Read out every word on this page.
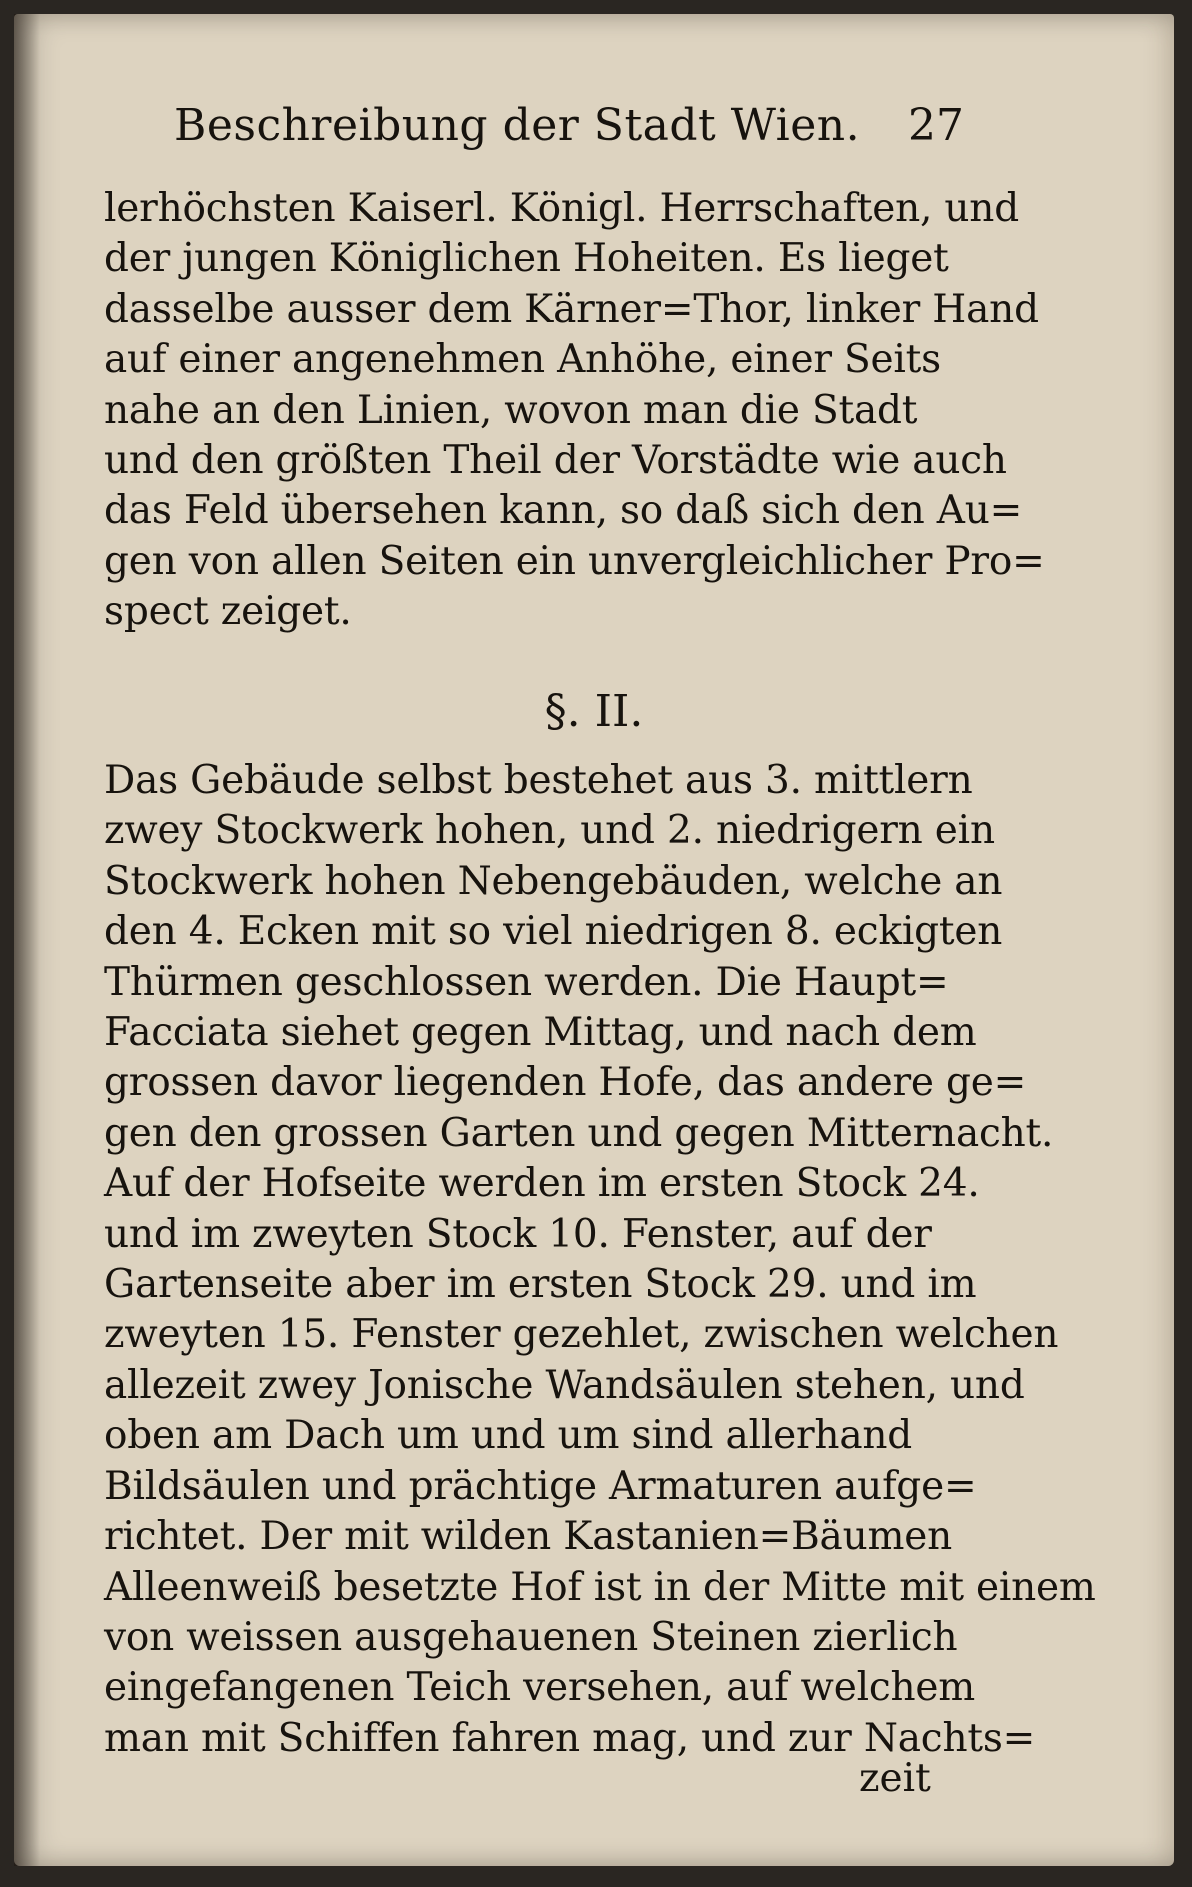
Beschreibung der Stadt Wien. 27
lerhöchsten Kaiserl. Königl. Herrschaften, und
der jungen Königlichen Hoheiten. Es lieget
dasselbe ausser dem Kärner=Thor, linker Hand
auf einer angenehmen Anhöhe, einer Seits
nahe an den Linien, wovon man die Stadt
und den größten Theil der Vorstädte wie auch
das Feld übersehen kann, so daß sich den Au=
gen von allen Seiten ein unvergleichlicher Pro=
spect zeiget.
§. II.
Das Gebäude selbst bestehet aus 3. mittlern
zwey Stockwerk hohen, und 2. niedrigern ein
Stockwerk hohen Nebengebäuden, welche an
den 4. Ecken mit so viel niedrigen 8. eckigten
Thürmen geschlossen werden. Die Haupt=
Facciata siehet gegen Mittag, und nach dem
grossen davor liegenden Hofe, das andere ge=
gen den grossen Garten und gegen Mitternacht.
Auf der Hofseite werden im ersten Stock 24.
und im zweyten Stock 10. Fenster, auf der
Gartenseite aber im ersten Stock 29. und im
zweyten 15. Fenster gezehlet, zwischen welchen
allezeit zwey Jonische Wandsäulen stehen, und
oben am Dach um und um sind allerhand
Bildsäulen und prächtige Armaturen aufge=
richtet. Der mit wilden Kastanien=Bäumen
Alleenweiß besetzte Hof ist in der Mitte mit einem
von weissen ausgehauenen Steinen zierlich
eingefangenen Teich versehen, auf welchem
man mit Schiffen fahren mag, und zur Nachts=
zeit
